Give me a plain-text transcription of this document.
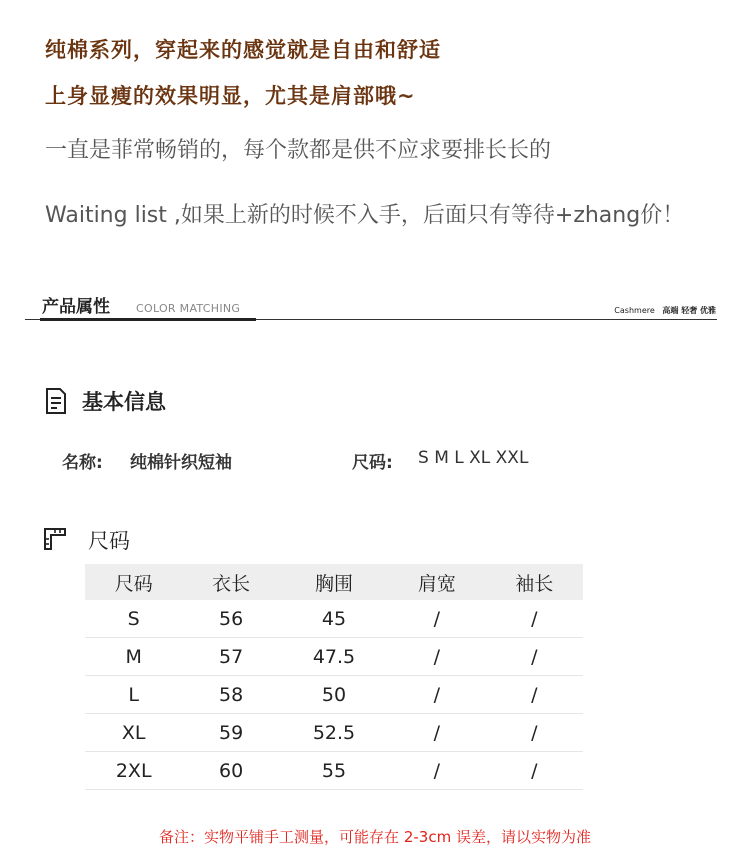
纯棉系列，穿起来的感觉就是自由和舒适
上身显瘦的效果明显，尤其是肩部哦~
一直是菲常畅销的，每个款都是供不应求要排长长的
Waiting list ,如果上新的时候不入手，后面只有等待+zhang价！
产品属性 COLOR MATCHING	Cashmere 高端 轻奢 优雅
基本信息
名称: 纯棉针织短袖	尺码: S M L XL XXL
尺码
尺码	衣长	胸围	肩宽	袖长
S	56	45	/	/
M	57	47.5	/	/
L	58	50	/	/
XL	59	52.5	/	/
2XL	60	55	/	/
备注：实物平铺手工测量，可能存在 2-3cm 误差，请以实物为准
